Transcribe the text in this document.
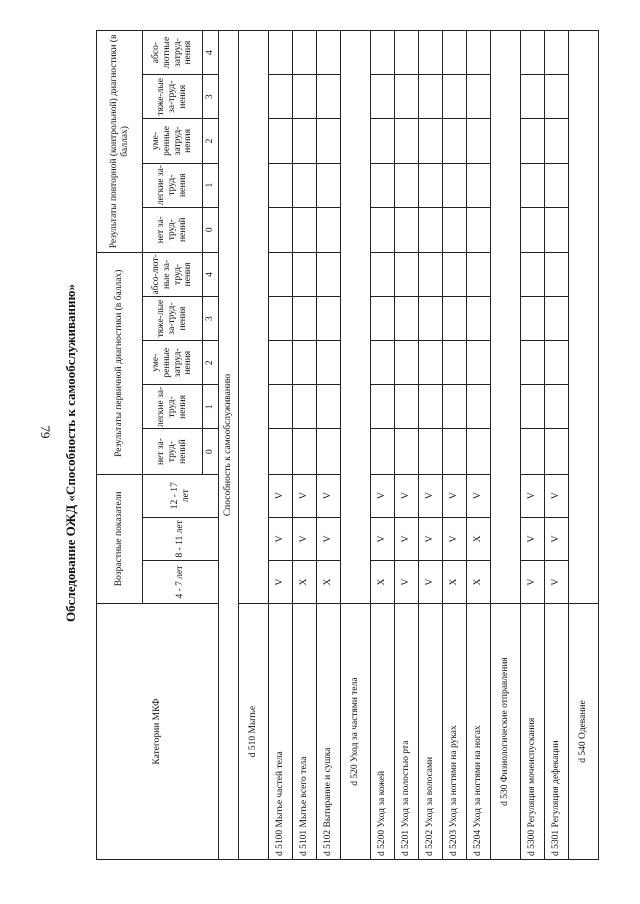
79 Обследование ОЖД «Способность к самообслуживанию»
Категории МКФ	Возрастные показатели			Результаты первичной диагностики (в баллах)					Результаты повторной (контрольной) диагностики (в баллах)				
	4 - 7 лет	8 - 11 лет	12 - 17 лет	нет за-труд-нений	легкие за-труд-нения	уме-ренные затруд-нения	тяже-лые за-труд-нения	абсо-лют-ные за-труд-нения	нет за-труд-нений	легкие за-труд-нения	уме-ренные затруд-нения	тяже-лые за-труд-нения	абсо-лютные затруд-нения
				0	1	2	3	4	0	1	2	3	4
Способность к самообслуживанию													
d 510 Мытье													
d 5100 Мытье частей тела	V	V	V										
d 5101 Мытье всего тела	X	V	V										
d 5102 Вытирание и сушка	X	V	V										
d 520 Уход за частями тела													
d 5200 Уход за кожей	X	V	V										
d 5201 Уход за полостью рта	V	V	V										
d 5202 Уход за волосами	V	V	V										
d 5203 Уход за ногтями на руках	X	V	V										
d 5204 Уход за ногтями на ногах	X	X	V										
d 530 Физиологические отправления													
d 5300 Регуляция мочеиспускания	V	V	V										
d 5301 Регуляция дефекации	V	V	V										
d 540 Одевание													
